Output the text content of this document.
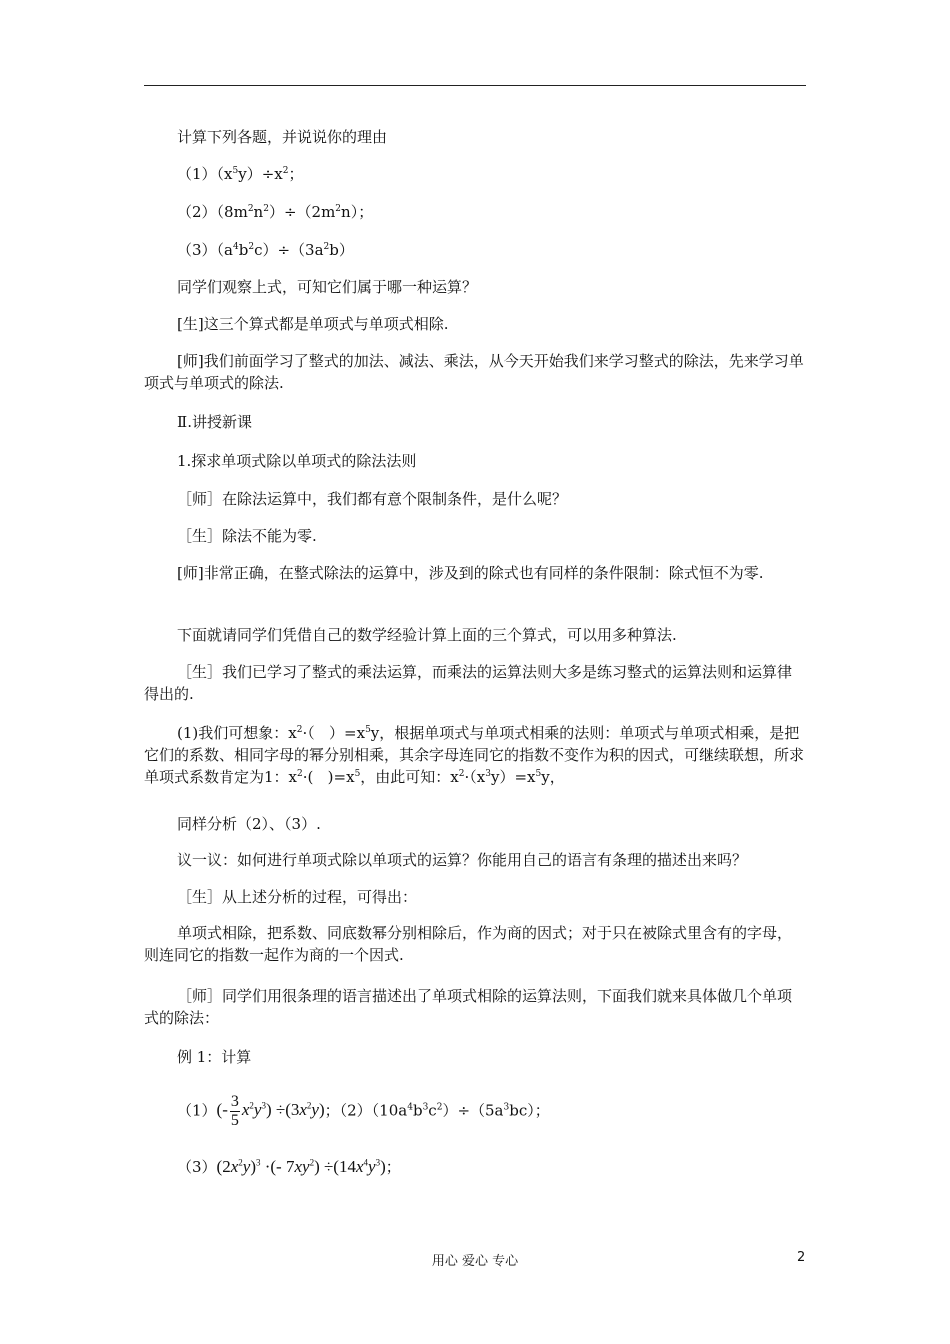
计算下列各题，并说说你的理由
$(1)(x^5y)\div x^2$；
$(2)(8m^2n^2)\div(2m^2n)$；
$(3)(a^4b^2c)\div(3a^2b)$
同学们观察上式，可知它们属于哪一种运算？
[生]这三个算式都是单项式与单项式相除.
[师]我们前面学习了整式的加法、减法、乘法，从今天开始我们来学习整式的除法，先来学习单项式与单项式的除法.
Ⅱ.讲授新课
1.探求单项式除以单项式的除法法则
［师］在除法运算中，我们都有意个限制条件，是什么呢？
［生］除法不能为零.
[师]非常正确，在整式除法的运算中，涉及到的除式也有同样的条件限制：除式恒不为零.
下面就请同学们凭借自己的数学经验计算上面的三个算式，可以用多种算法.
［生］我们已学习了整式的乘法运算，而乘法的运算法则大多是练习整式的运算法则和运算律得出的.
(1)我们可想象：$x^2\cdot$（   ）$=x^5y$，根据单项式与单项式相乘的法则：单项式与单项式相乘，是把它们的系数、相同字母的幂分别相乘，其余字母连同它的指数不变作为积的因式，可继续联想，所求单项式系数肯定为1：$x^2\cdot$(   )$=x^5$，由此可知：$x^2\cdot(x^3y)=x^5y$，
同样分析（2）、（3）.
议一议：如何进行单项式除以单项式的运算？你能用自己的语言有条理的描述出来吗？
［生］从上述分析的过程，可得出：
单项式相除，把系数、同底数幂分别相除后，作为商的因式；对于只在被除式里含有的字母，则连同它的指数一起作为商的一个因式.
［师］同学们用很条理的语言描述出了单项式相除的运算法则，下面我们就来具体做几个单项式的除法：
例 1：计算
$(1)(- \frac{3}{5} x^2y^3) \div(3x^2y)$；$(2)(10a^4b^3c^2)\div(5a^3bc)$；
$(3)(2x^2y)^3$ ·(- $7xy^2) \div(14x^4y^3)$；
用心 爱心 专心	2
